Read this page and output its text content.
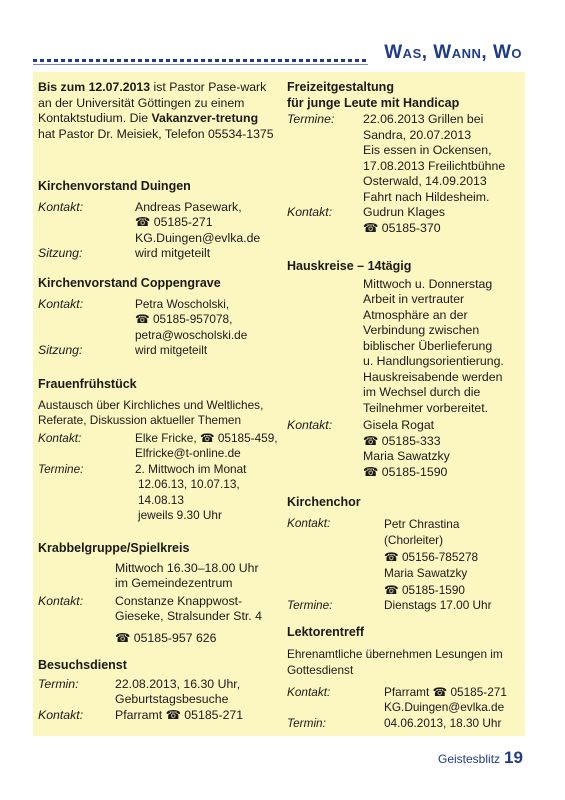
Was, Wann, Wo
Bis zum 12.07.2013 ist Pastor Pase-wark an der Universität Göttingen zu einem Kontaktstudium. Die Vakanzver-tretung hat Pastor Dr. Meisiek, Telefon 05534-1375
Kirchenvorstand Duingen
Kontakt:	Andreas Pasewark,
☎ 05185-271
KG.Duingen@evlka.de
Sitzung:	wird mitgeteilt
Kirchenvorstand Coppengrave
Kontakt:	Petra Woscholski,
☎ 05185-957078,
petra@woscholski.de
Sitzung:	wird mitgeteilt
Frauenfrühstück
Austausch über Kirchliches und Weltliches, Referate, Diskussion aktueller Themen
Kontakt:	Elke Fricke, ☎ 05185-459,
Elfricke@t-online.de
Termine:	2. Mittwoch im Monat
12.06.13, 10.07.13,
14.08.13
jeweils 9.30 Uhr
Krabbelgruppe/Spielkreis
Mittwoch 16.30–18.00 Uhr
im Gemeindezentrum
Kontakt:	Constanze Knappwost-
Gieseke, Stralsunder Str. 4
☎ 05185-957 626
Besuchsdienst
Termin:	22.08.2013, 16.30 Uhr,
Geburtstagsbesuche
Kontakt:	Pfarramt ☎ 05185-271
Freizeitgestaltung
für junge Leute mit Handicap
Termine: 22.06.2013 Grillen bei
Sandra, 20.07.2013
Eis essen in Ockensen,
17.08.2013 Freilichtbühne
Osterwald, 14.09.2013
Fahrt nach Hildesheim.
Kontakt:	Gudrun Klages
☎ 05185-370
Hauskreise – 14tägig
Mittwoch u. Donnerstag
Arbeit in vertrauter
Atmosphäre an der
Verbindung zwischen
biblischer Überlieferung
u. Handlungsorientierung.
Hauskreisabende werden
im Wechsel durch die
Teilnehmer vorbereitet.
Kontakt:	Gisela Rogat
☎ 05185-333
Maria Sawatzky
☎ 05185-1590
Kirchenchor
Kontakt:	Petr Chrastina
(Chorleiter)
☎ 05156-785278
Maria Sawatzky
☎ 05185-1590
Termine:	Dienstags 17.00 Uhr
Lektorentreff
Ehrenamtliche übernehmen Lesungen im Gottesdienst
Kontakt:	Pfarramt ☎ 05185-271
KG.Duingen@evlka.de
Termin:	04.06.2013, 18.30 Uhr
Geistesblitz 19
